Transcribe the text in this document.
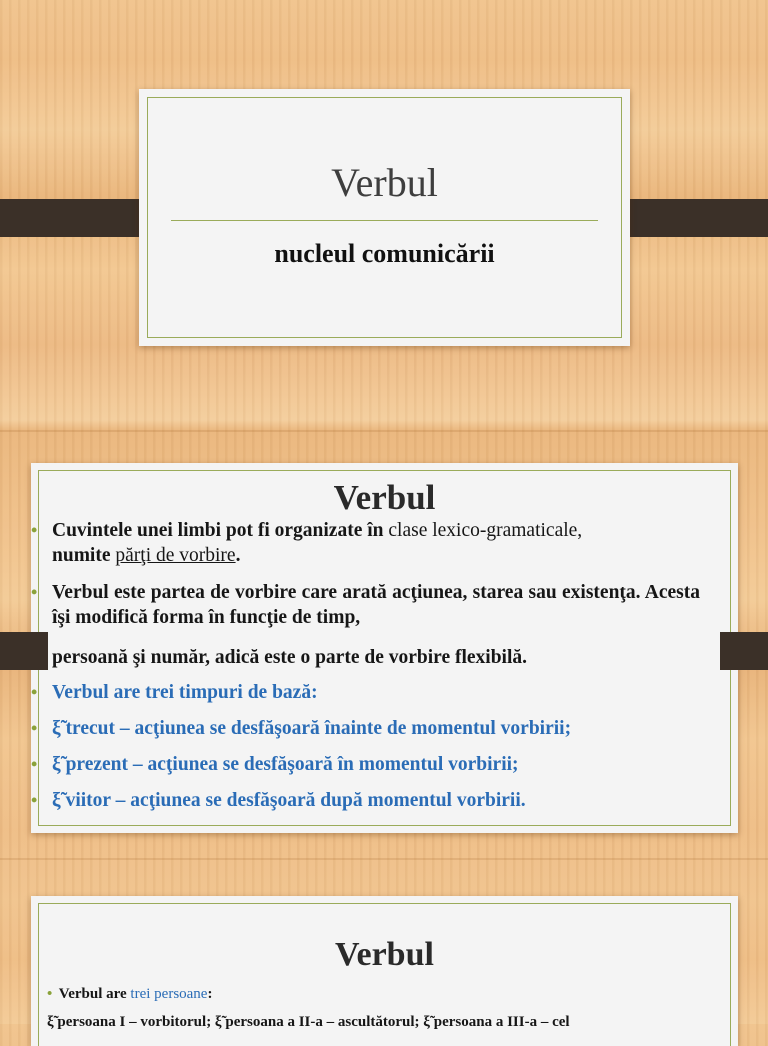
Verbul
nucleul comunicării
Verbul
• Cuvintele unei limbi pot fi organizate în clase lexico-gramaticale,
numite părţi de vorbire.
• Verbul este partea de vorbire care arată acţiunea, starea sau existenţa. Acesta îşi modifică forma în funcţie de timp,
persoană şi număr, adică este o parte de vorbire flexibilă.
• Verbul are trei timpuri de bază:
• ξ̃ trecut – acţiunea se desfăşoară înainte de momentul vorbirii;
• ξ̃ prezent – acţiunea se desfăşoară în momentul vorbirii;
• ξ̃ viitor – acţiunea se desfăşoară după momentul vorbirii.
Verbul
• Verbul are trei persoane:
ξ̃ persoana I – vorbitorul; ξ̃ persoana a II-a – ascultătorul; ξ̃ persoana a III-a – cel
